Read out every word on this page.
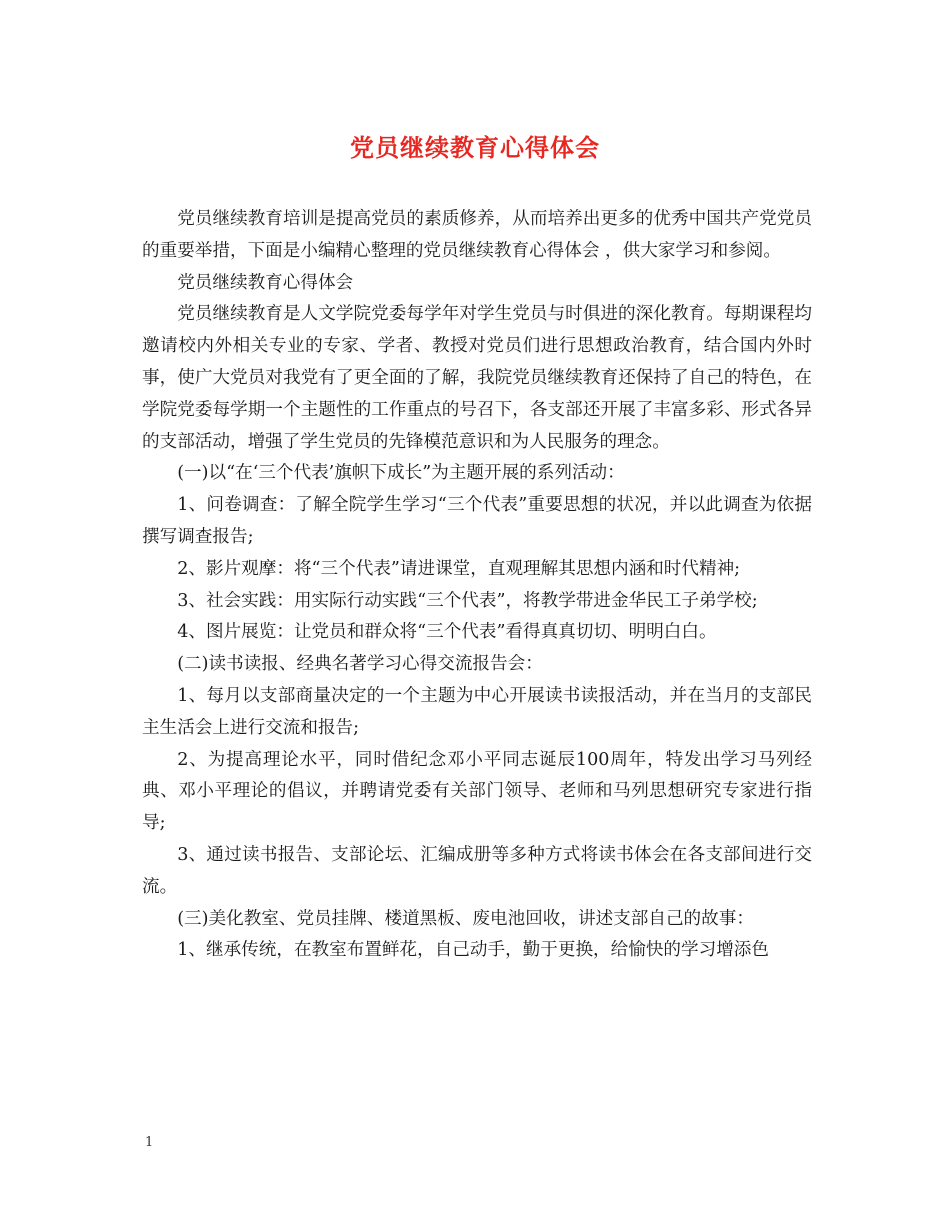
党员继续教育心得体会

党员继续教育培训是提高党员的素质修养，从而培养出更多的优秀中国共产党党员的重要举措，下面是小编精心整理的党员继续教育心得体会 ，供大家学习和参阅。

党员继续教育心得体会

党员继续教育是人文学院党委每学年对学生党员与时俱进的深化教育。每期课程均邀请校内外相关专业的专家、学者、教授对党员们进行思想政治教育，结合国内外时事，使广大党员对我党有了更全面的了解，我院党员继续教育还保持了自己的特色，在学院党委每学期一个主题性的工作重点的号召下，各支部还开展了丰富多彩、形式各异的支部活动，增强了学生党员的先锋模范意识和为人民服务的理念。

(一)以“在‘三个代表’旗帜下成长”为主题开展的系列活动：

1、问卷调查：了解全院学生学习“三个代表”重要思想的状况，并以此调查为依据撰写调查报告;

2、影片观摩：将“三个代表”请进课堂，直观理解其思想内涵和时代精神;

3、社会实践：用实际行动实践“三个代表”，将教学带进金华民工子弟学校;

4、图片展览：让党员和群众将“三个代表”看得真真切切、明明白白。

(二)读书读报、经典名著学习心得交流报告会：

1、每月以支部商量决定的一个主题为中心开展读书读报活动，并在当月的支部民主生活会上进行交流和报告;

2、为提高理论水平，同时借纪念邓小平同志诞辰100周年，特发出学习马列经典、邓小平理论的倡议，并聘请党委有关部门领导、老师和马列思想研究专家进行指导;

3、通过读书报告、支部论坛、汇编成册等多种方式将读书体会在各支部间进行交流。

(三)美化教室、党员挂牌、楼道黑板、废电池回收，讲述支部自己的故事：

1、继承传统，在教室布置鲜花，自己动手，勤于更换，给愉快的学习增添色

1
